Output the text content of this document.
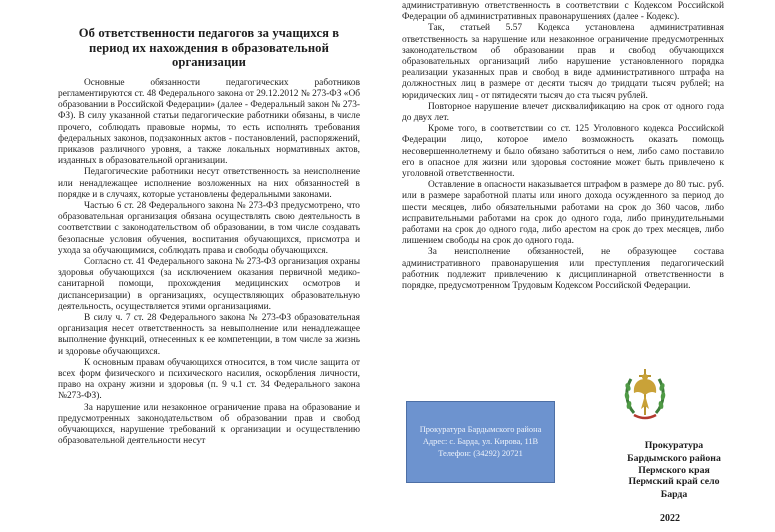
Об ответственности педагогов за учащихся в период их нахождения в образовательной организации

Основные обязанности педагогических работников регламентируются ст. 48 Федерального закона от 29.12.2012 № 273-ФЗ «Об образовании в Российской Федерации» (далее - Федеральный закон № 273-ФЗ). В силу указанной статьи педагогические работники обязаны, в числе прочего, соблюдать правовые нормы, то есть исполнять требования федеральных законов, подзаконных актов - постановлений, распоряжений, приказов различного уровня, а также локальных нормативных актов, изданных в образовательной организации.

Педагогические работники несут ответственность за неисполнение или ненадлежащее исполнение возложенных на них обязанностей в порядке и в случаях, которые установлены федеральными законами.

Частью 6 ст. 28 Федерального закона № 273-ФЗ предусмотрено, что образовательная организация обязана осуществлять свою деятельность в соответствии с законодательством об образовании, в том числе создавать безопасные условия обучения, воспитания обучающихся, присмотра и ухода за обучающимися, соблюдать права и свободы обучающихся.

Согласно ст. 41 Федерального закона № 273-ФЗ организация охраны здоровья обучающихся (за исключением оказания первичной медико- санитарной помощи, прохождения медицинских осмотров и диспансеризации) в организациях, осуществляющих образовательную деятельность, осуществляется этими организациями.

В силу ч. 7 ст. 28 Федерального закона № 273-ФЗ образовательная организация несет ответственность за невыполнение или ненадлежащее выполнение функций, отнесенных к ее компетенции, в том числе за жизнь и здоровье обучающихся.

К основным правам обучающихся относится, в том числе защита от всех форм физического и психического насилия, оскорбления личности, право на охрану жизни и здоровья (п. 9 ч.1 ст. 34 Федерального закона №273-ФЗ).

За нарушение или незаконное ограничение права на образование и предусмотренных законодательством об образовании прав и свобод обучающихся, нарушение требований к организации и осуществлению образовательной деятельности несут

административную ответственность в соответствии с Кодексом Российской Федерации об административных правонарушениях (далее - Кодекс).

Так, статьей 5.57 Кодекса установлена административная ответственность за нарушение или незаконное ограничение предусмотренных законодательством об образовании прав и свобод обучающихся образовательных организаций либо нарушение установленного порядка реализации указанных прав и свобод в виде административного штрафа на должностных лиц в размере от десяти тысяч до тридцати тысяч рублей; на юридических лиц - от пятидесяти тысяч до ста тысяч рублей.

Повторное нарушение влечет дисквалификацию на срок от одного года до двух лет.

Кроме того, в соответствии со ст. 125 Уголовного кодекса Российской Федерации лицо, которое имело возможность оказать помощь несовершеннолетнему и было обязано заботиться о нем, либо само поставило его в опасное для жизни или здоровья состояние может быть привлечено к уголовной ответственности.

Оставление в опасности наказывается штрафом в размере до 80 тыс. руб. или в размере заработной платы или иного дохода осужденного за период до шести месяцев, либо обязательными работами на срок до 360 часов, либо исправительными работами на срок до одного года, либо принудительными работами на срок до одного года, либо арестом на срок до трех месяцев, либо лишением свободы на срок до одного года.

За неисполнение обязанностей, не образующее состава административного правонарушения или преступления педагогический работник подлежит привлечению к дисциплинарной ответственности в порядке, предусмотренном Трудовым Кодексом Российской Федерации.

Прокуратура Бардымского района
Адрес: с. Барда, ул. Кирова, 11В
Телефон: (34292) 20721
Прокуратура
Бардымского района
Пермского края
Пермский край село
Барда
2022
